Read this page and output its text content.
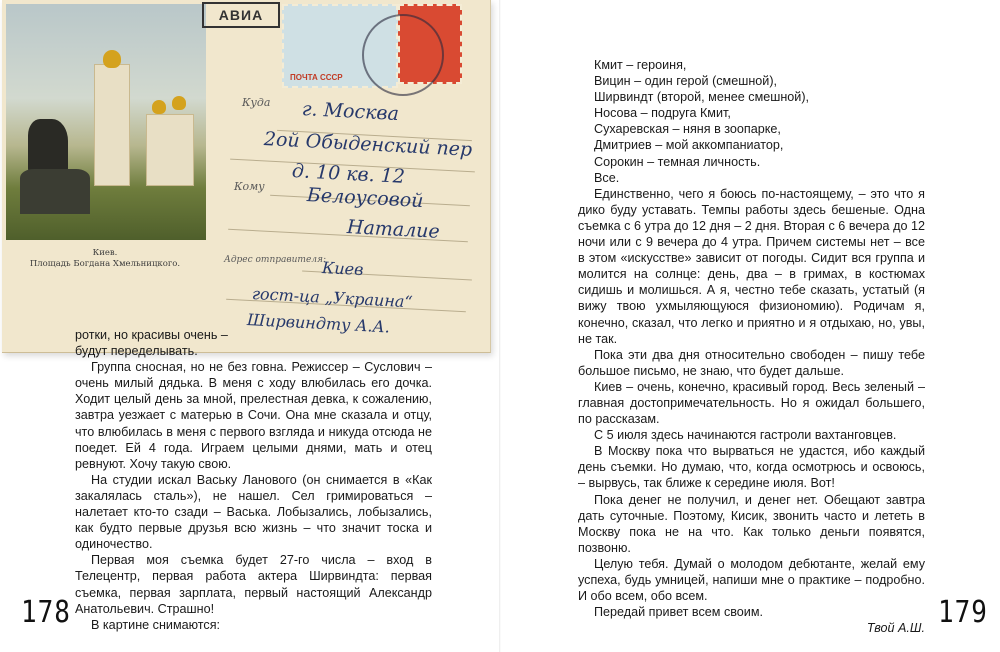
Киев.
Площадь Богдана Хмельницкого.
АВИА
ПОЧТА СССР
Куда
Кому
Адрес отправителя:
г. Москва
2ой Обыденский пер
д. 10 кв. 12
Белоусовой
Наталие
Киев
гост-ца „Украина“
Ширвиндту А.А.

ротки, но красивы очень –

будут переделывать.

Группа сносная, но не без говна. Режиссер – Суслович – очень милый дядька. В меня с ходу влюбилась его дочка. Ходит целый день за мной, прелестная девка, к сожалению, завтра уезжает с матерью в Сочи. Она мне сказала и отцу, что влюбилась в меня с первого взгляда и никуда отсюда не поедет. Ей 4 года. Играем целыми днями, мать и отец ревнуют. Хочу такую свою.

На студии искал Ваську Ланового (он снимается в «Как закалялась сталь»), не нашел. Сел гримироваться – налетает кто-то сзади – Васька. Лобызались, лобызались, как будто первые друзья всю жизнь – что значит тоска и одиночество.

Первая моя съемка будет 27-го числа – вход в Телецентр, первая работа актера Ширвиндта: первая съемка, первая зарплата, первый настоящий Александр Анатольевич. Страшно!

В картине снимаются:

178

Кмит – героиня,

Вицин – один герой (смешной),

Ширвиндт (второй, менее смешной),

Носова – подруга Кмит,

Сухаревская – няня в зоопарке,

Дмитриев – мой аккомпаниатор,

Сорокин – темная личность.

Все.

Единственно, чего я боюсь по-настоящему, – это что я дико буду уставать. Темпы работы здесь бешеные. Одна съемка с 6 утра до 12 дня – 2 дня. Вторая с 6 вечера до 12 ночи или с 9 вечера до 4 утра. Причем системы нет – все в этом «искусстве» зависит от погоды. Сидит вся группа и молится на солнце: день, два – в гримах, в костюмах сидишь и молишься. А я, честно тебе сказать, устатый (я вижу твою ухмыляющуюся физиономию). Родичам я, конечно, сказал, что легко и приятно и я отдыхаю, но, увы, не так.

Пока эти два дня относительно свободен – пишу тебе большое письмо, не знаю, что будет дальше.

Киев – очень, конечно, красивый город. Весь зеленый – главная достопримечательность. Но я ожидал большего, по рассказам.

С 5 июля здесь начинаются гастроли вахтанговцев.

В Москву пока что вырваться не удастся, ибо каждый день съемки. Но думаю, что, когда осмотрюсь и освоюсь, – вырвусь, так ближе к середине июля. Вот!

Пока денег не получил, и денег нет. Обещают завтра дать суточные. Поэтому, Кисик, звонить часто и лететь в Москву пока не на что. Как только деньги появятся, позвоню.

Целую тебя. Думай о молодом дебютанте, желай ему успеха, будь умницей, напиши мне о практике – подробно. И обо всем, обо всем.

Передай привет всем своим.

Твой А.Ш. 179
